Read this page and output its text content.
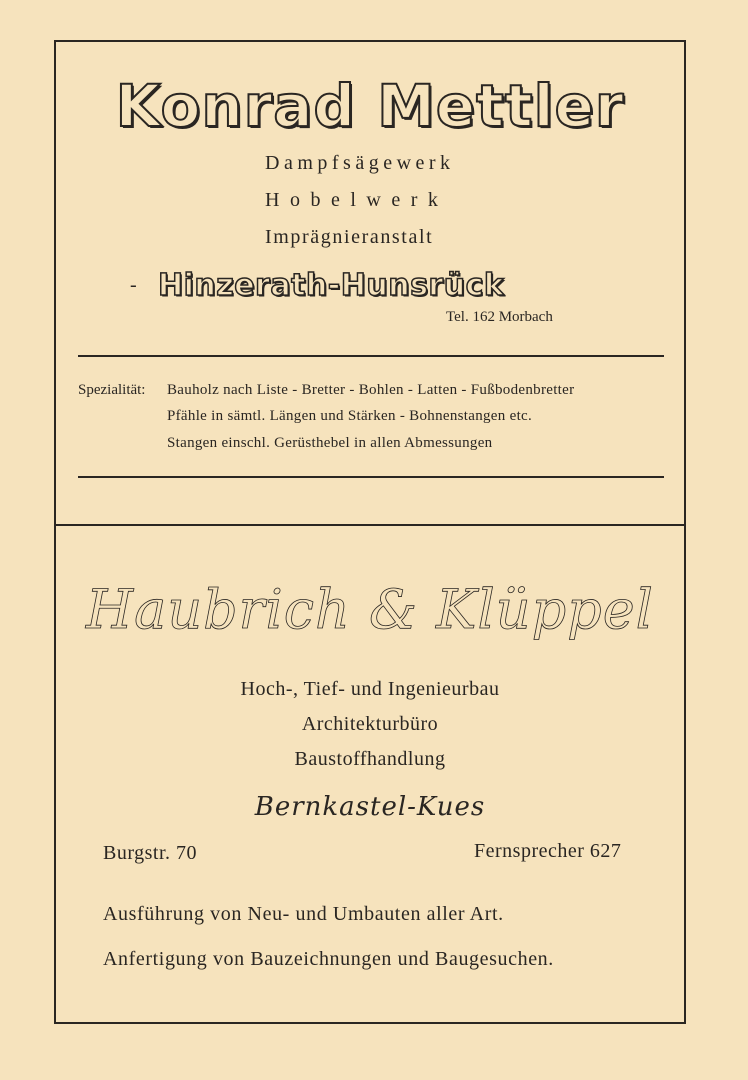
Konrad Mettler
Dampfsägewerk
Hobelwerk
Imprägnieranstalt
- Hinzerath-Hunsrück
Tel. 162 Morbach
Spezialität: Bauholz nach Liste - Bretter - Bohlen - Latten - Fußbodenbretter
Pfähle in sämtl. Längen und Stärken - Bohnenstangen etc.
Stangen einschl. Gerüsthebel in allen Abmessungen
Haubrich & Klüppel
Hoch-, Tief- und Ingenieurbau
Architekturbüro
Baustoffhandlung
Bernkastel-Kues
Burgstr. 70	Fernsprecher 627
Ausführung von Neu- und Umbauten aller Art.
Anfertigung von Bauzeichnungen und Baugesuchen.
